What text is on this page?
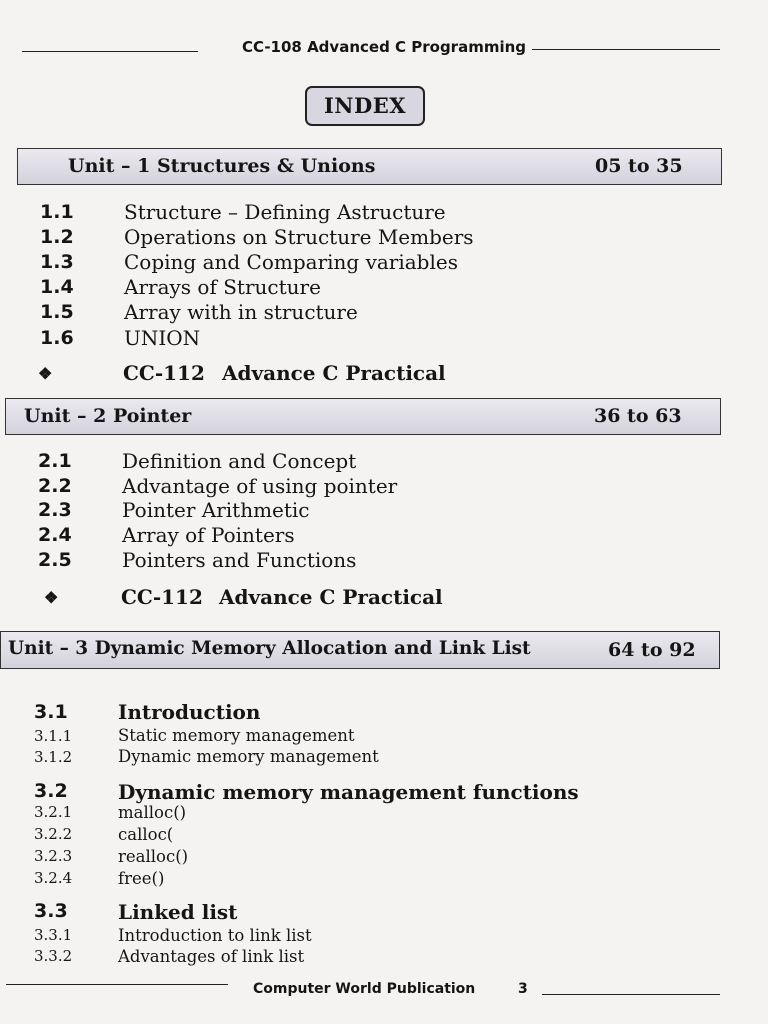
CC-108 Advanced C Programming
INDEX
Unit – 1 Structures & Unions	05 to 35
1.1	Structure – Defining Astructure
1.2	Operations on Structure Members
1.3	Coping and Comparing variables
1.4	Arrays of Structure
1.5	Array with in structure
1.6	UNION
❖	CC-112 Advance C Practical
Unit – 2 Pointer	36 to 63
2.1	Definition and Concept
2.2	Advantage of using pointer
2.3	Pointer Arithmetic
2.4	Array of Pointers
2.5	Pointers and Functions
❖	CC-112 Advance C Practical
Unit – 3 Dynamic Memory Allocation and Link List	64 to 92
3.1	Introduction
3.1.1	Static memory management
3.1.2	Dynamic memory management
3.2	Dynamic memory management functions
3.2.1	malloc()
3.2.2	calloc(
3.2.3	realloc()
3.2.4	free()
3.3	Linked list
3.3.1	Introduction to link list
3.3.2	Advantages of link list
Computer World Publication	3
